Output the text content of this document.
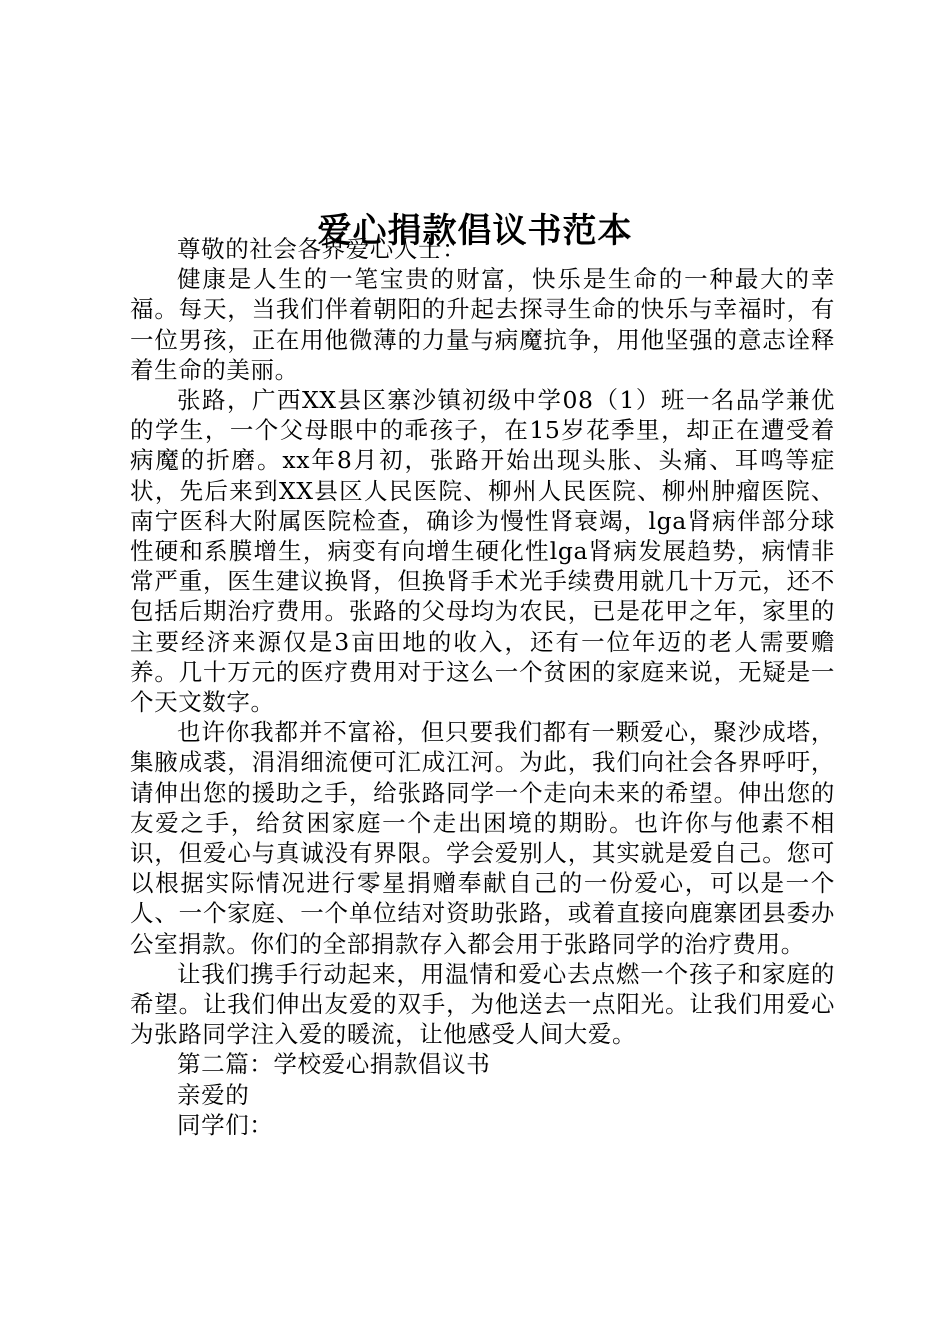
爱心捐款倡议书范本

尊敬的社会各界爱心人士：

健康是人生的一笔宝贵的财富，快乐是生命的一种最大的幸福。每天，当我们伴着朝阳的升起去探寻生命的快乐与幸福时，有一位男孩，正在用他微薄的力量与病魔抗争，用他坚强的意志诠释着生命的美丽。

张路，广西XX县区寨沙镇初级中学08（1）班一名品学兼优的学生，一个父母眼中的乖孩子，在15岁花季里，却正在遭受着病魔的折磨。xx年8月初，张路开始出现头胀、头痛、耳鸣等症状，先后来到XX县区人民医院、柳州人民医院、柳州肿瘤医院、南宁医科大附属医院检查，确诊为慢性肾衰竭，lga肾病伴部分球性硬和系膜增生，病变有向增生硬化性lga肾病发展趋势，病情非常严重，医生建议换肾，但换肾手术光手续费用就几十万元，还不包括后期治疗费用。张路的父母均为农民，已是花甲之年，家里的主要经济来源仅是3亩田地的收入，还有一位年迈的老人需要赡养。几十万元的医疗费用对于这么一个贫困的家庭来说，无疑是一个天文数字。

也许你我都并不富裕，但只要我们都有一颗爱心，聚沙成塔，集腋成裘，涓涓细流便可汇成江河。为此，我们向社会各界呼吁，请伸出您的援助之手，给张路同学一个走向未来的希望。伸出您的友爱之手，给贫困家庭一个走出困境的期盼。也许你与他素不相识，但爱心与真诚没有界限。学会爱别人，其实就是爱自己。您可以根据实际情况进行零星捐赠奉献自己的一份爱心，可以是一个人、一个家庭、一个单位结对资助张路，或着直接向鹿寨团县委办公室捐款。你们的全部捐款存入都会用于张路同学的治疗费用。

让我们携手行动起来，用温情和爱心去点燃一个孩子和家庭的希望。让我们伸出友爱的双手，为他送去一点阳光。让我们用爱心为张路同学注入爱的暖流，让他感受人间大爱。

第二篇：学校爱心捐款倡议书

亲爱的

同学们：
